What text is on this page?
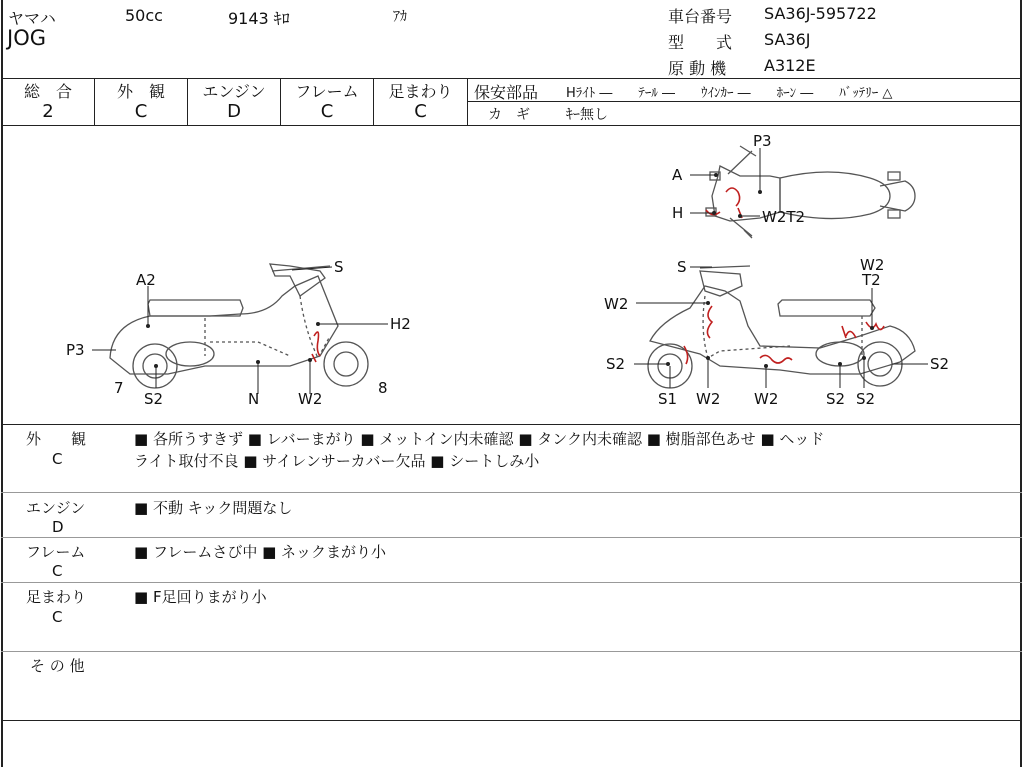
ヤマハ	50cc	9143 ｷﾛ	ｱｶ
JOG
車台番号 SA36J-595722
型　　式 SA36J
原 動 機 A312E
総　合	外　観	エンジン	フレーム	足まわり
2	C	D	C	C
保安部品 Hﾗｲﾄ ―　　ﾃｰﾙ ―　　ｳｲﾝｶｰ ―　　ﾎｰﾝ ―　　ﾊﾞｯﾃﾘｰ △
カ　ギ	ｷｰ無し
S
A2
H2
P3
7
S2	N	W2
8
P3
A
H	W2T2
S	W2
T2
W2
S2	S2
S1 W2 W2	S2 S2
外　　観
C
■ 各所うすきず ■ レバーまがり ■ メットイン内未確認 ■ タンク内未確認 ■ 樹脂部色あせ ■ ヘッド
ライト取付不良 ■ サイレンサーカバー欠品 ■ シートしみ小
エンジン
D
■ 不動 キック問題なし
フレーム
C
■ フレームさび中 ■ ネックまがり小
足まわり
C
■ F足回りまがり小
そ の 他
